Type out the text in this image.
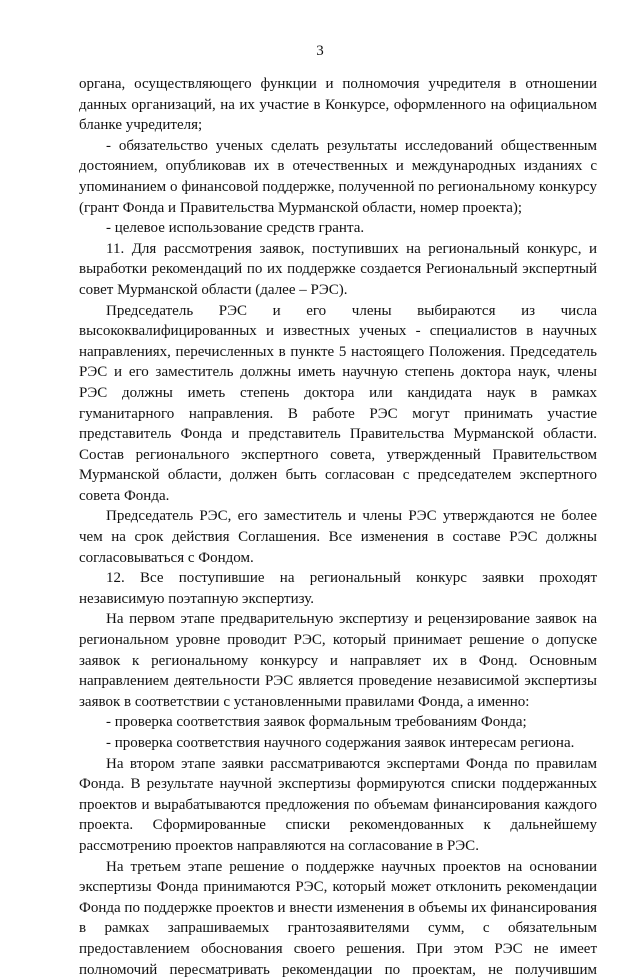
3

органа, осуществляющего функции и полномочия учредителя в отношении данных организаций, на их участие в Конкурсе, оформленного на официальном бланке учредителя;

- обязательство ученых сделать результаты исследований общественным достоянием, опубликовав их в отечественных и международных изданиях с упоминанием о финансовой поддержке, полученной по региональному конкурсу (грант Фонда и Правительства Мурманской области, номер проекта);

- целевое использование средств гранта.

11. Для рассмотрения заявок, поступивших на региональный конкурс, и выработки рекомендаций по их поддержке создается Региональный экспертный совет Мурманской области (далее – РЭС).

Председатель РЭС и его члены выбираются из числа высококвалифицированных и известных ученых - специалистов в научных направлениях, перечисленных в пункте 5 настоящего Положения. Председатель РЭС и его заместитель должны иметь научную степень доктора наук, члены РЭС должны иметь степень доктора или кандидата наук в рамках гуманитарного направления. В работе РЭС могут принимать участие представитель Фонда и представитель Правительства Мурманской области. Состав регионального экспертного совета, утвержденный Правительством Мурманской области, должен быть согласован с председателем экспертного совета Фонда.

Председатель РЭС, его заместитель и члены РЭС утверждаются не более чем на срок действия Соглашения. Все изменения в составе РЭС должны согласовываться с Фондом.

12. Все поступившие на региональный конкурс заявки проходят независимую поэтапную экспертизу.

На первом этапе предварительную экспертизу и рецензирование заявок на региональном уровне проводит РЭС, который принимает решение о допуске заявок к региональному конкурсу и направляет их в Фонд. Основным направлением деятельности РЭС является проведение независимой экспертизы заявок в соответствии с установленными правилами Фонда, а именно:

- проверка соответствия заявок формальным требованиям Фонда;

- проверка соответствия научного содержания заявок интересам региона.

На втором этапе заявки рассматриваются экспертами Фонда по правилам Фонда. В результате научной экспертизы формируются списки поддержанных проектов и вырабатываются предложения по объемам финансирования каждого проекта. Сформированные списки рекомендованных к дальнейшему рассмотрению проектов направляются на согласование в РЭС.

На третьем этапе решение о поддержке научных проектов на основании экспертизы Фонда принимаются РЭС, который может отклонить рекомендации Фонда по поддержке проектов и внести изменения в объемы их финансирования в рамках запрашиваемых грантозаявителями сумм, с обязательным предоставлением обоснования своего решения. При этом РЭС не имеет полномочий пересматривать рекомендации по проектам, не получившим
